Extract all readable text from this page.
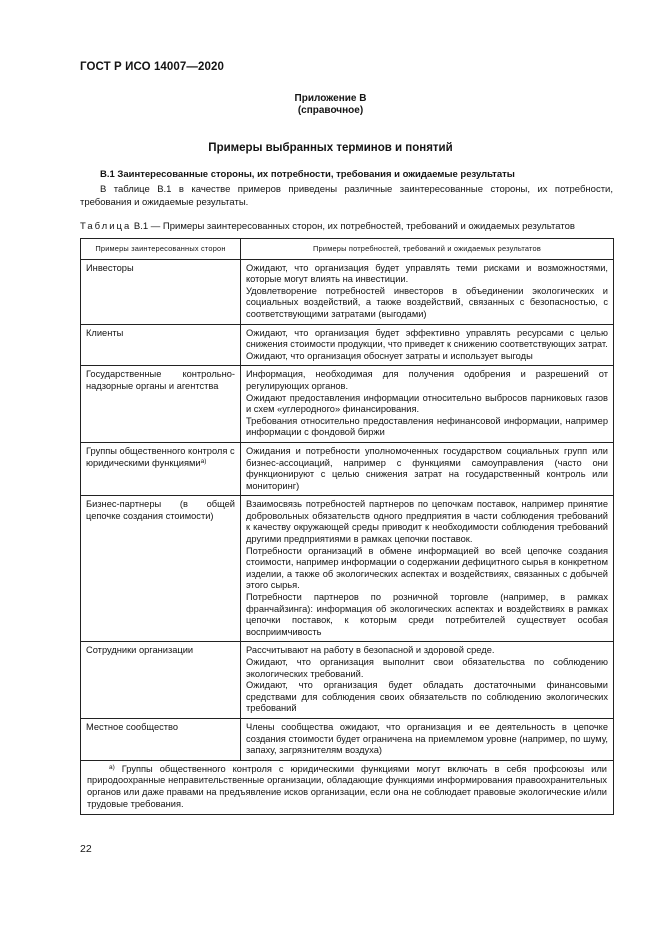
ГОСТ Р ИСО 14007—2020
Приложение В
(справочное)
Примеры выбранных терминов и понятий
В.1 Заинтересованные стороны, их потребности, требования и ожидаемые результаты

В таблице В.1 в качестве примеров приведены различные заинтересованные стороны, их потребности, требования и ожидаемые результаты.

Таблица В.1 — Примеры заинтересованных сторон, их потребностей, требований и ожидаемых результатов
Примеры заинтересованных сторон	Примеры потребностей, требований и ожидаемых результатов
Инвесторы	Ожидают, что организация будет управлять теми рисками и возможностями, которые могут влиять на инвестиции.
Удовлетворение потребностей инвесторов в объединении экологических и социальных воздействий, а также воздействий, связанных с безопасностью, с соответствующими затратами (выгодами)

Клиенты	Ожидают, что организация будет эффективно управлять ресурсами с целью снижения стоимости продукции, что приведет к снижению соответствующих затрат.
Ожидают, что организация обоснует затраты и использует выгоды

Государственные контрольно-надзорные органы и агентства	Информация, необходимая для получения одобрения и разрешений от регулирующих органов.
Ожидают предоставления информации относительно выбросов парниковых газов и схем «углеродного» финансирования.
Требования относительно предоставления нефинансовой информации, например информации с фондовой биржи

Группы общественного контроля с юридическими функциями$^{a)}$	Ожидания и потребности уполномоченных государством социальных групп или бизнес-ассоциаций, например с функциями самоуправления (часто они функционируют с целью снижения затрат на государственный контроль или мониторинг)

Бизнес-партнеры (в общей цепочке создания стоимости)	Взаимосвязь потребностей партнеров по цепочкам поставок, например принятие добровольных обязательств одного предприятия в части соблюдения требований к качеству окружающей среды приводит к необходимости соблюдения требований другими предприятиями в рамках цепочки поставок.
Потребности организаций в обмене информацией во всей цепочке создания стоимости, например информации о содержании дефицитного сырья в конкретном изделии, а также об экологических аспектах и воздействиях, связанных с добычей этого сырья.
Потребности партнеров по розничной торговле (например, в рамках франчайзинга): информация об экологических аспектах и воздействиях в рамках цепочки поставок, к которым среди потребителей существует особая восприимчивость

Сотрудники организации	Рассчитывают на работу в безопасной и здоровой среде.
Ожидают, что организация выполнит свои обязательства по соблюдению экологических требований.
Ожидают, что организация будет обладать достаточными финансовыми средствами для соблюдения своих обязательств по соблюдению экологических требований

Местное сообщество	Члены сообщества ожидают, что организация и ее деятельность в цепочке создания стоимости будет ограничена на приемлемом уровне (например, по шуму, запаху, загрязнителям воздуха)

$^{a)}$ Группы общественного контроля с юридическими функциями могут включать в себя профсоюзы или природоохранные неправительственные организации, обладающие функциями информирования правоохранительных органов или даже правами на предъявление исков организации, если она не соблюдает правовые экологические и/или трудовые требования.	
22
